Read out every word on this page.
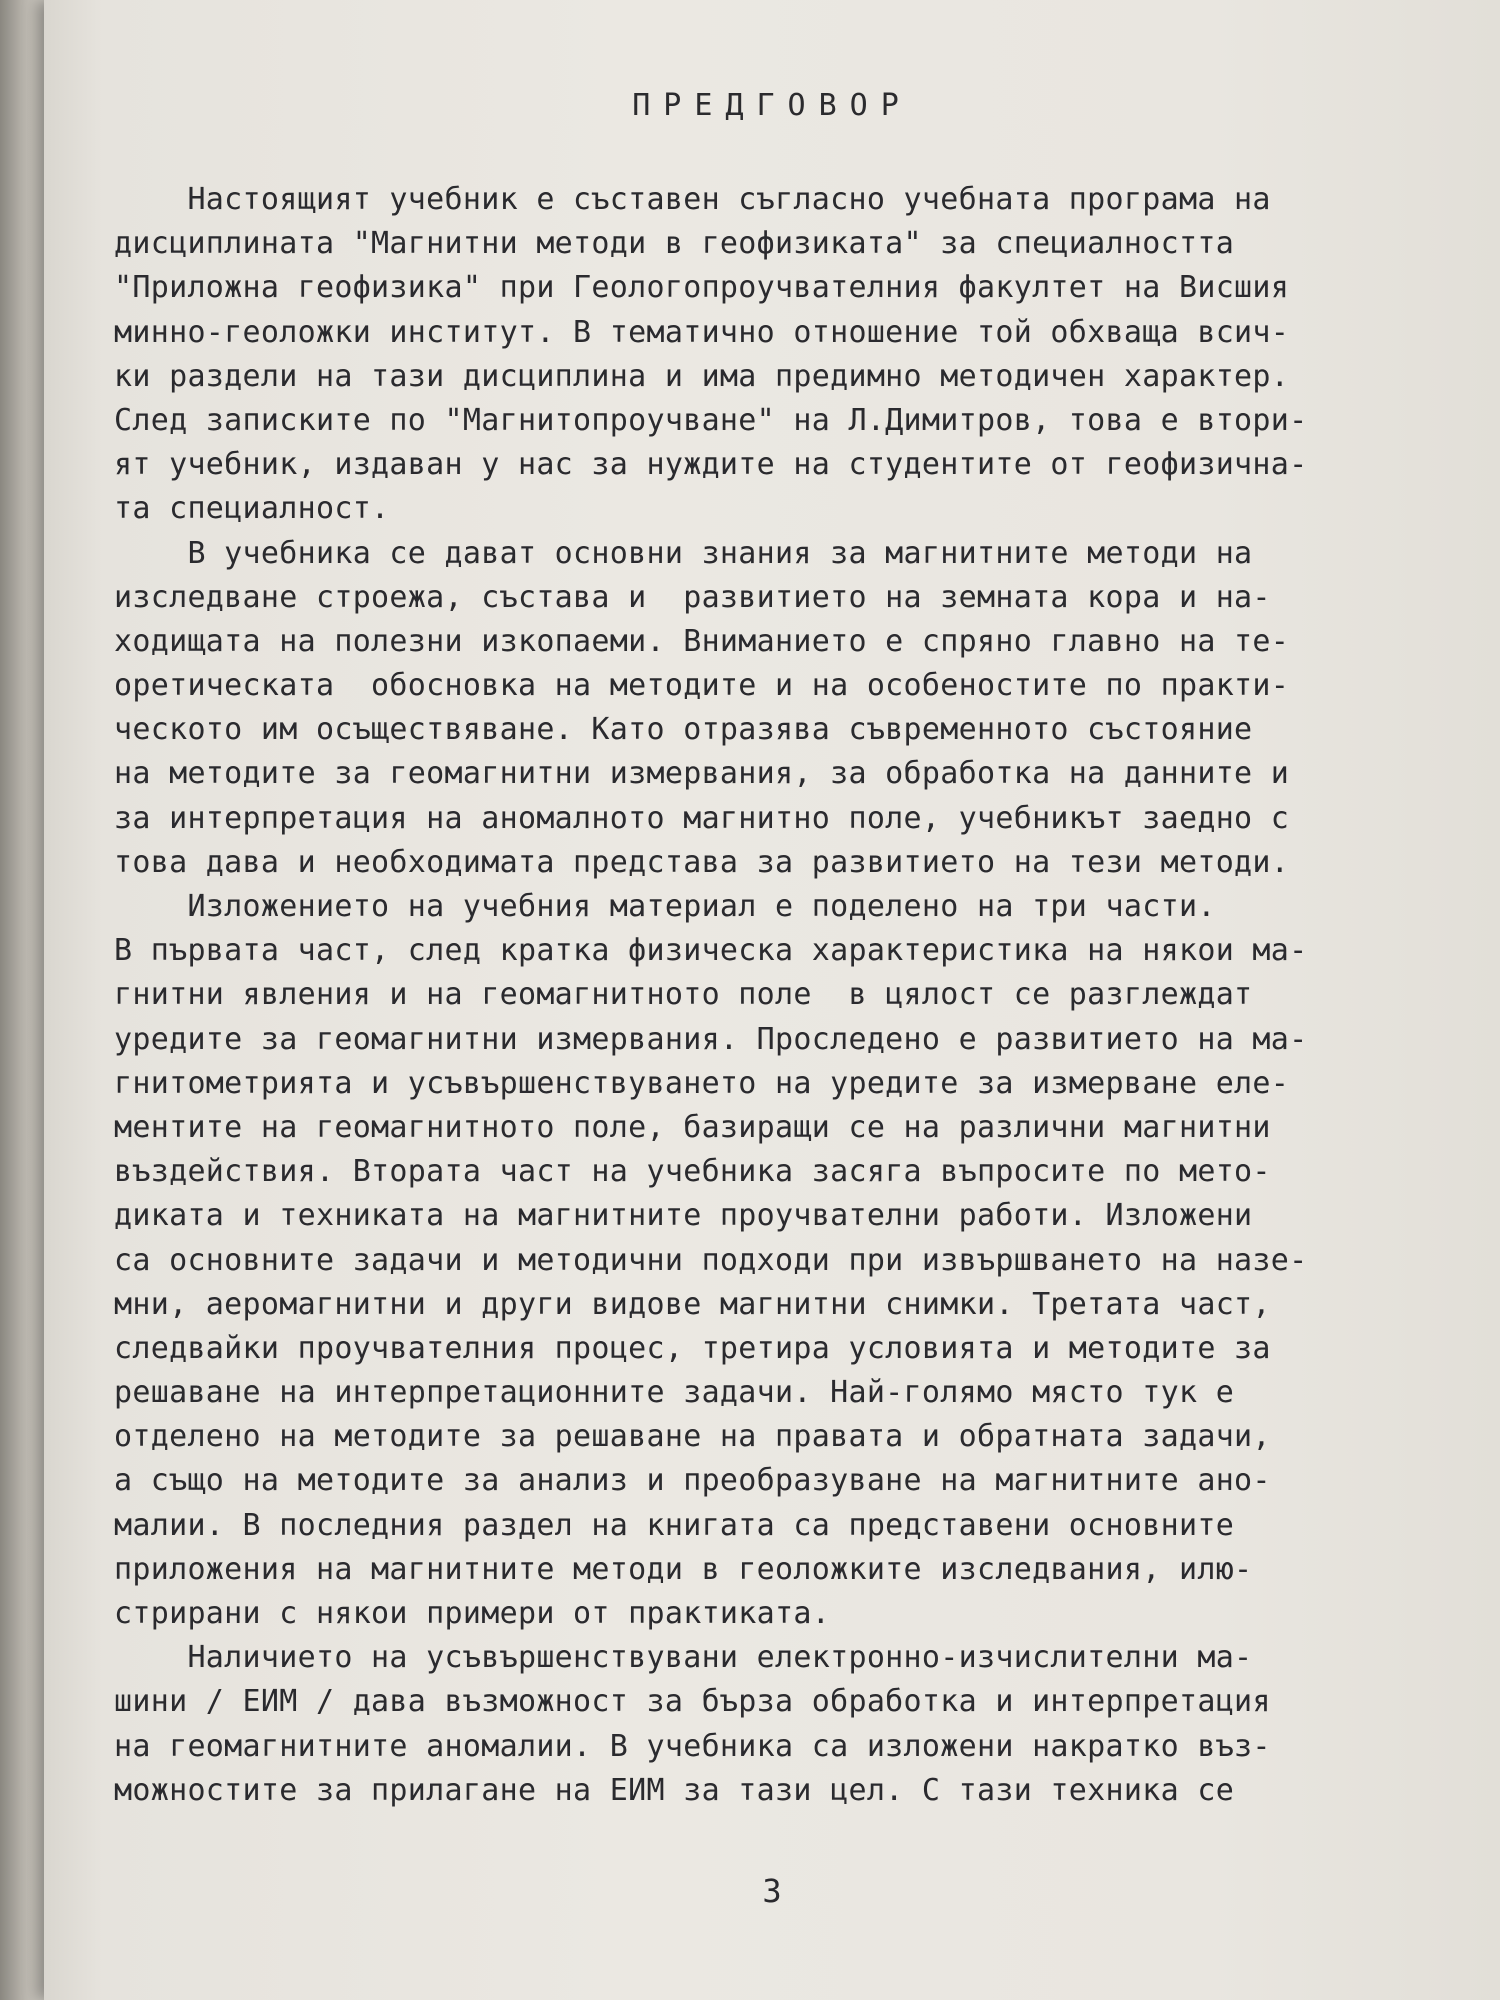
ПРЕДГОВОР
Настоящият учебник е съставен съгласно учебната програма на
дисциплината "Магнитни методи в геофизиката" за специалността
"Приложна геофизика" при Геологопроучвателния факултет на Висшия
минно-геоложки институт. В тематично отношение той обхваща всич-
ки раздели на тази дисциплина и има предимно методичен характер.
След записките по "Магнитопроучване" на Л.Димитров, това е втори-
ят учебник, издаван у нас за нуждите на студентите от геофизична-
та специалност.
В учебника се дават основни знания за магнитните методи на
изследване строежа, състава и  развитието на земната кора и на-
ходищата на полезни изкопаеми. Вниманието е спряно главно на те-
оретическата  обосновка на методите и на особеностите по практи-
ческото им осъществяване. Като отразява съвременното състояние
на методите за геомагнитни измервания, за обработка на данните и
за интерпретация на аномалното магнитно поле, учебникът заедно с
това дава и необходимата представа за развитието на тези методи.
Изложението на учебния материал е поделено на три части.
В първата част, след кратка физическа характеристика на някои ма-
гнитни явления и на геомагнитното поле  в цялост се разглеждат
уредите за геомагнитни измервания. Проследено е развитието на ма-
гнитометрията и усъвършенствуването на уредите за измерване еле-
ментите на геомагнитното поле, базиращи се на различни магнитни
въздействия. Втората част на учебника засяга въпросите по мето-
диката и техниката на магнитните проучвателни работи. Изложени
са основните задачи и методични подходи при извършването на назе-
мни, аеромагнитни и други видове магнитни снимки. Третата част,
следвайки проучвателния процес, третира условията и методите за
решаване на интерпретационните задачи. Най-голямо място тук е
отделено на методите за решаване на правата и обратната задачи,
а също на методите за анализ и преобразуване на магнитните ано-
малии. В последния раздел на книгата са представени основните
приложения на магнитните методи в геоложките изследвания, илю-
стрирани с някои примери от практиката.
Наличието на усъвършенствувани електронно-изчислителни ма-
шини / ЕИМ / дава възможност за бърза обработка и интерпретация
на геомагнитните аномалии. В учебника са изложени накратко въз-
можностите за прилагане на ЕИМ за тази цел. С тази техника се
3
